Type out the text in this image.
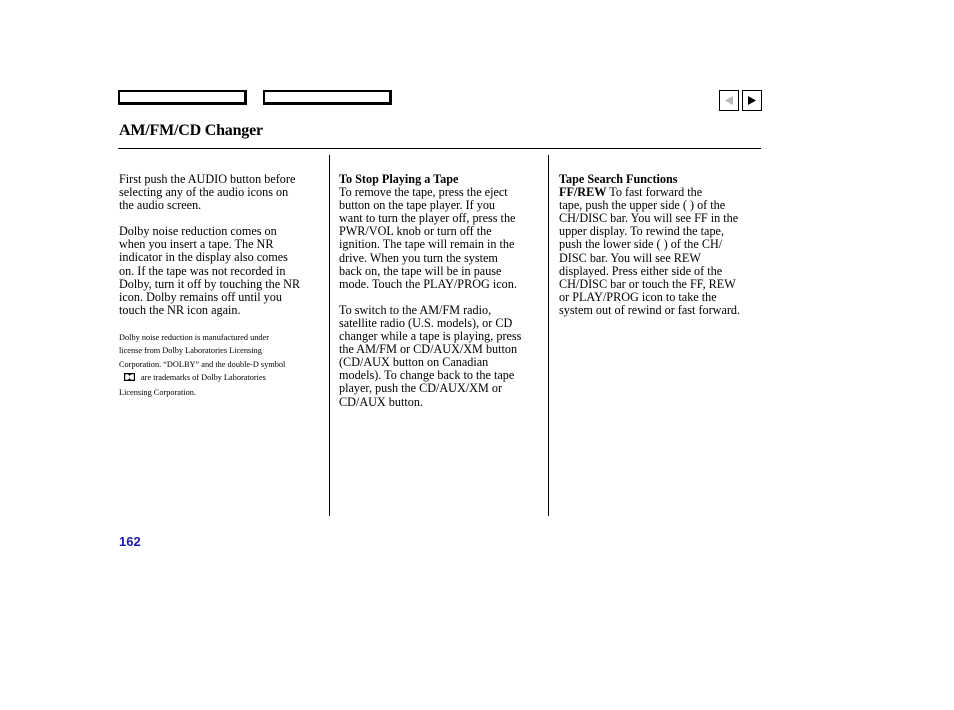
AM/FM/CD Changer

First push the AUDIO button before
selecting any of the audio icons on
the audio screen.

Dolby noise reduction comes on
when you insert a tape. The NR
indicator in the display also comes
on. If the tape was not recorded in
Dolby, turn it off by touching the NR
icon. Dolby remains off until you
touch the NR icon again.

Dolby noise reduction is manufactured under
license from Dolby Laboratories Licensing
Corporation. “DOLBY” and the double-D symbol
are trademarks of Dolby Laboratories
Licensing Corporation.

To Stop Playing a Tape

To remove the tape, press the eject
button on the tape player. If you
want to turn the player off, press the
PWR/VOL knob or turn off the
ignition. The tape will remain in the
drive. When you turn the system
back on, the tape will be in pause
mode. Touch the PLAY/PROG icon.

To switch to the AM/FM radio,
satellite radio (U.S. models), or CD
changer while a tape is playing, press
the AM/FM or CD/AUX/XM button
(CD/AUX button on Canadian
models). To change back to the tape
player, push the CD/AUX/XM or
CD/AUX button.

Tape Search Functions

FF/REW To fast forward the
tape, push the upper side ( ) of the
CH/DISC bar. You will see FF in the
upper display. To rewind the tape,
push the lower side ( ) of the CH/
DISC bar. You will see REW
displayed. Press either side of the
CH/DISC bar or touch the FF, REW
or PLAY/PROG icon to take the
system out of rewind or fast forward.

162
